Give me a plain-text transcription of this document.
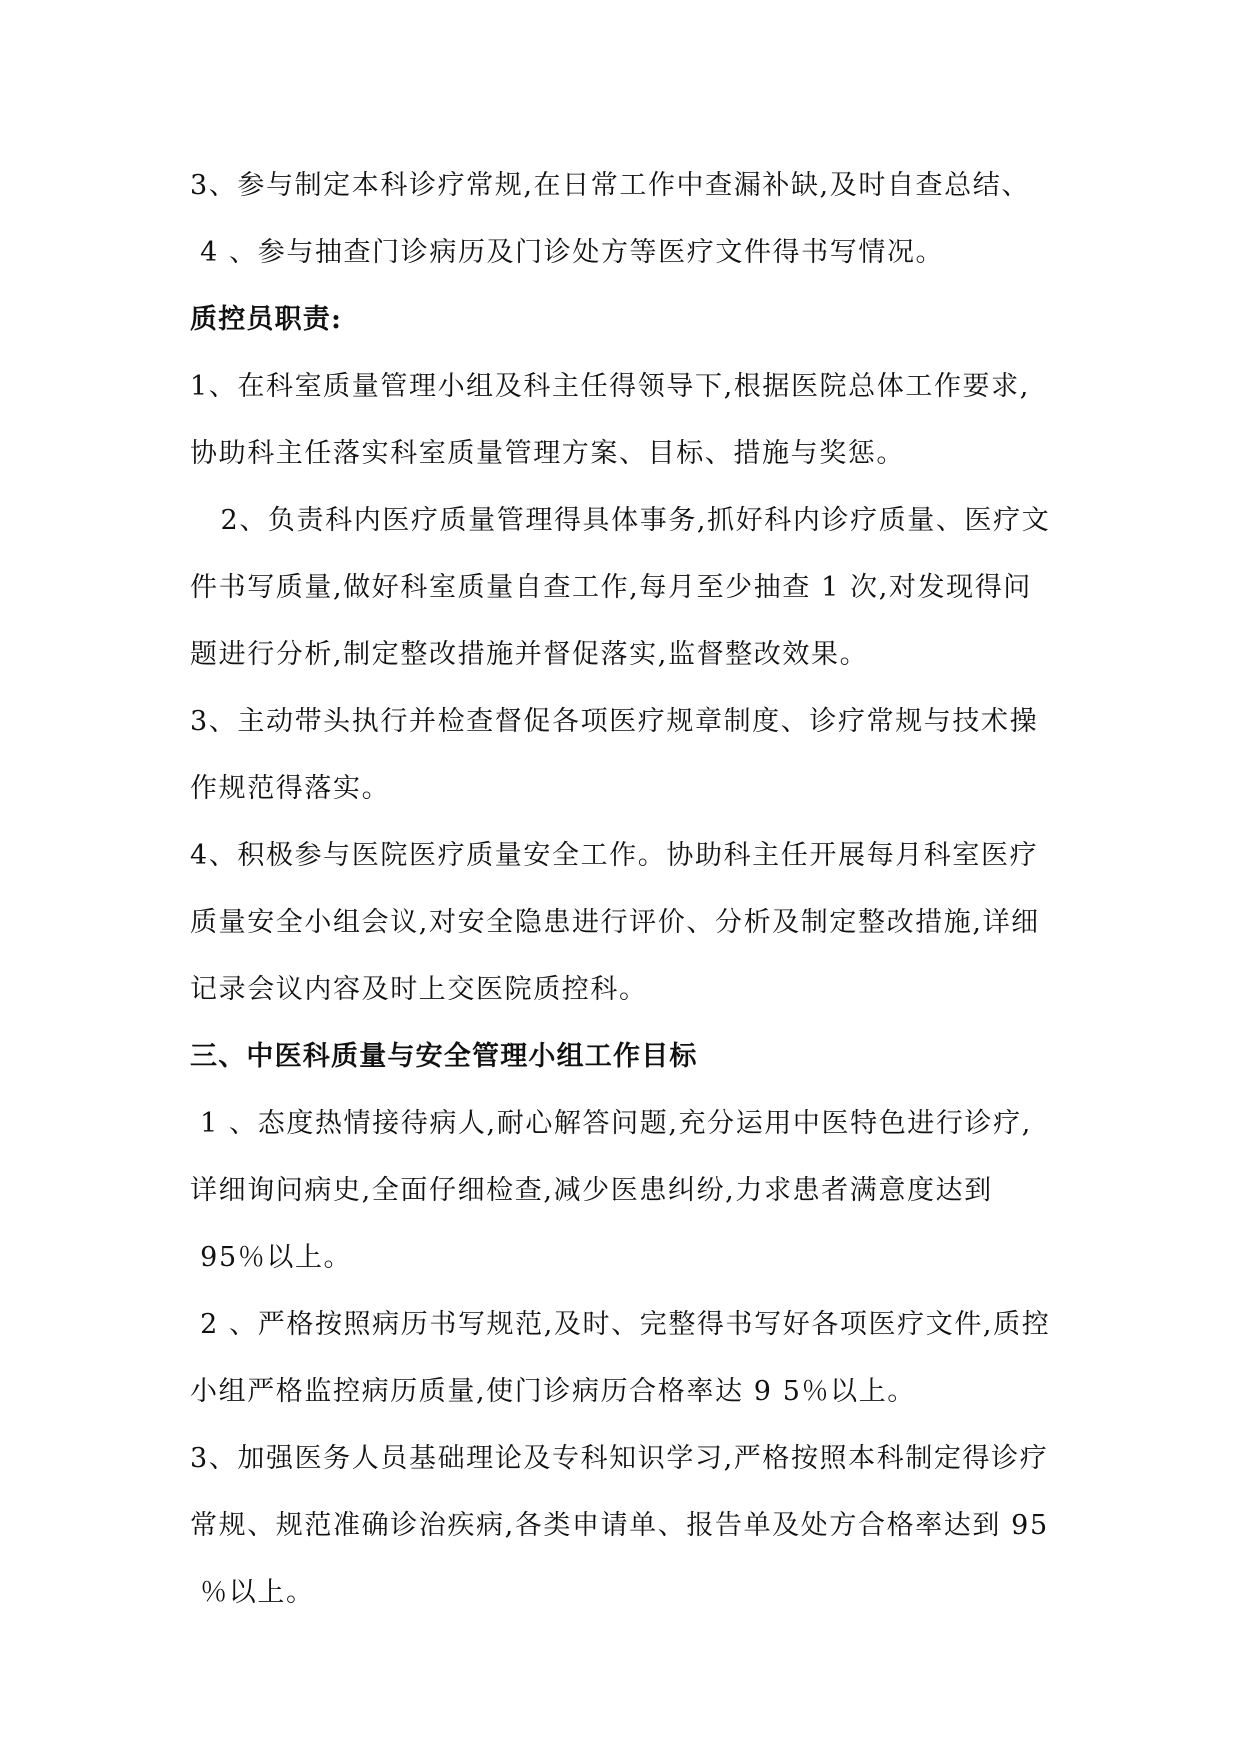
3、参与制定本科诊疗常规,在日常工作中查漏补缺,及时自查总结、
4 、参与抽查门诊病历及门诊处方等医疗文件得书写情况。
质控员职责:
1、在科室质量管理小组及科主任得领导下,根据医院总体工作要求,
协助科主任落实科室质量管理方案、目标、措施与奖惩。
2、负责科内医疗质量管理得具体事务,抓好科内诊疗质量、医疗文
件书写质量,做好科室质量自查工作,每月至少抽查 1 次,对发现得问
题进行分析,制定整改措施并督促落实,监督整改效果。
3、主动带头执行并检查督促各项医疗规章制度、诊疗常规与技术操
作规范得落实。
4、积极参与医院医疗质量安全工作。协助科主任开展每月科室医疗
质量安全小组会议,对安全隐患进行评价、分析及制定整改措施,详细
记录会议内容及时上交医院质控科。
三、中医科质量与安全管理小组工作目标
1 、态度热情接待病人,耐心解答问题,充分运用中医特色进行诊疗,
详细询问病史,全面仔细检查,减少医患纠纷,力求患者满意度达到
95％以上。
2 、严格按照病历书写规范,及时、完整得书写好各项医疗文件,质控
小组严格监控病历质量,使门诊病历合格率达 9 5％以上。
3、加强医务人员基础理论及专科知识学习,严格按照本科制定得诊疗
常规、规范准确诊治疾病,各类申请单、报告单及处方合格率达到 95
％以上。
